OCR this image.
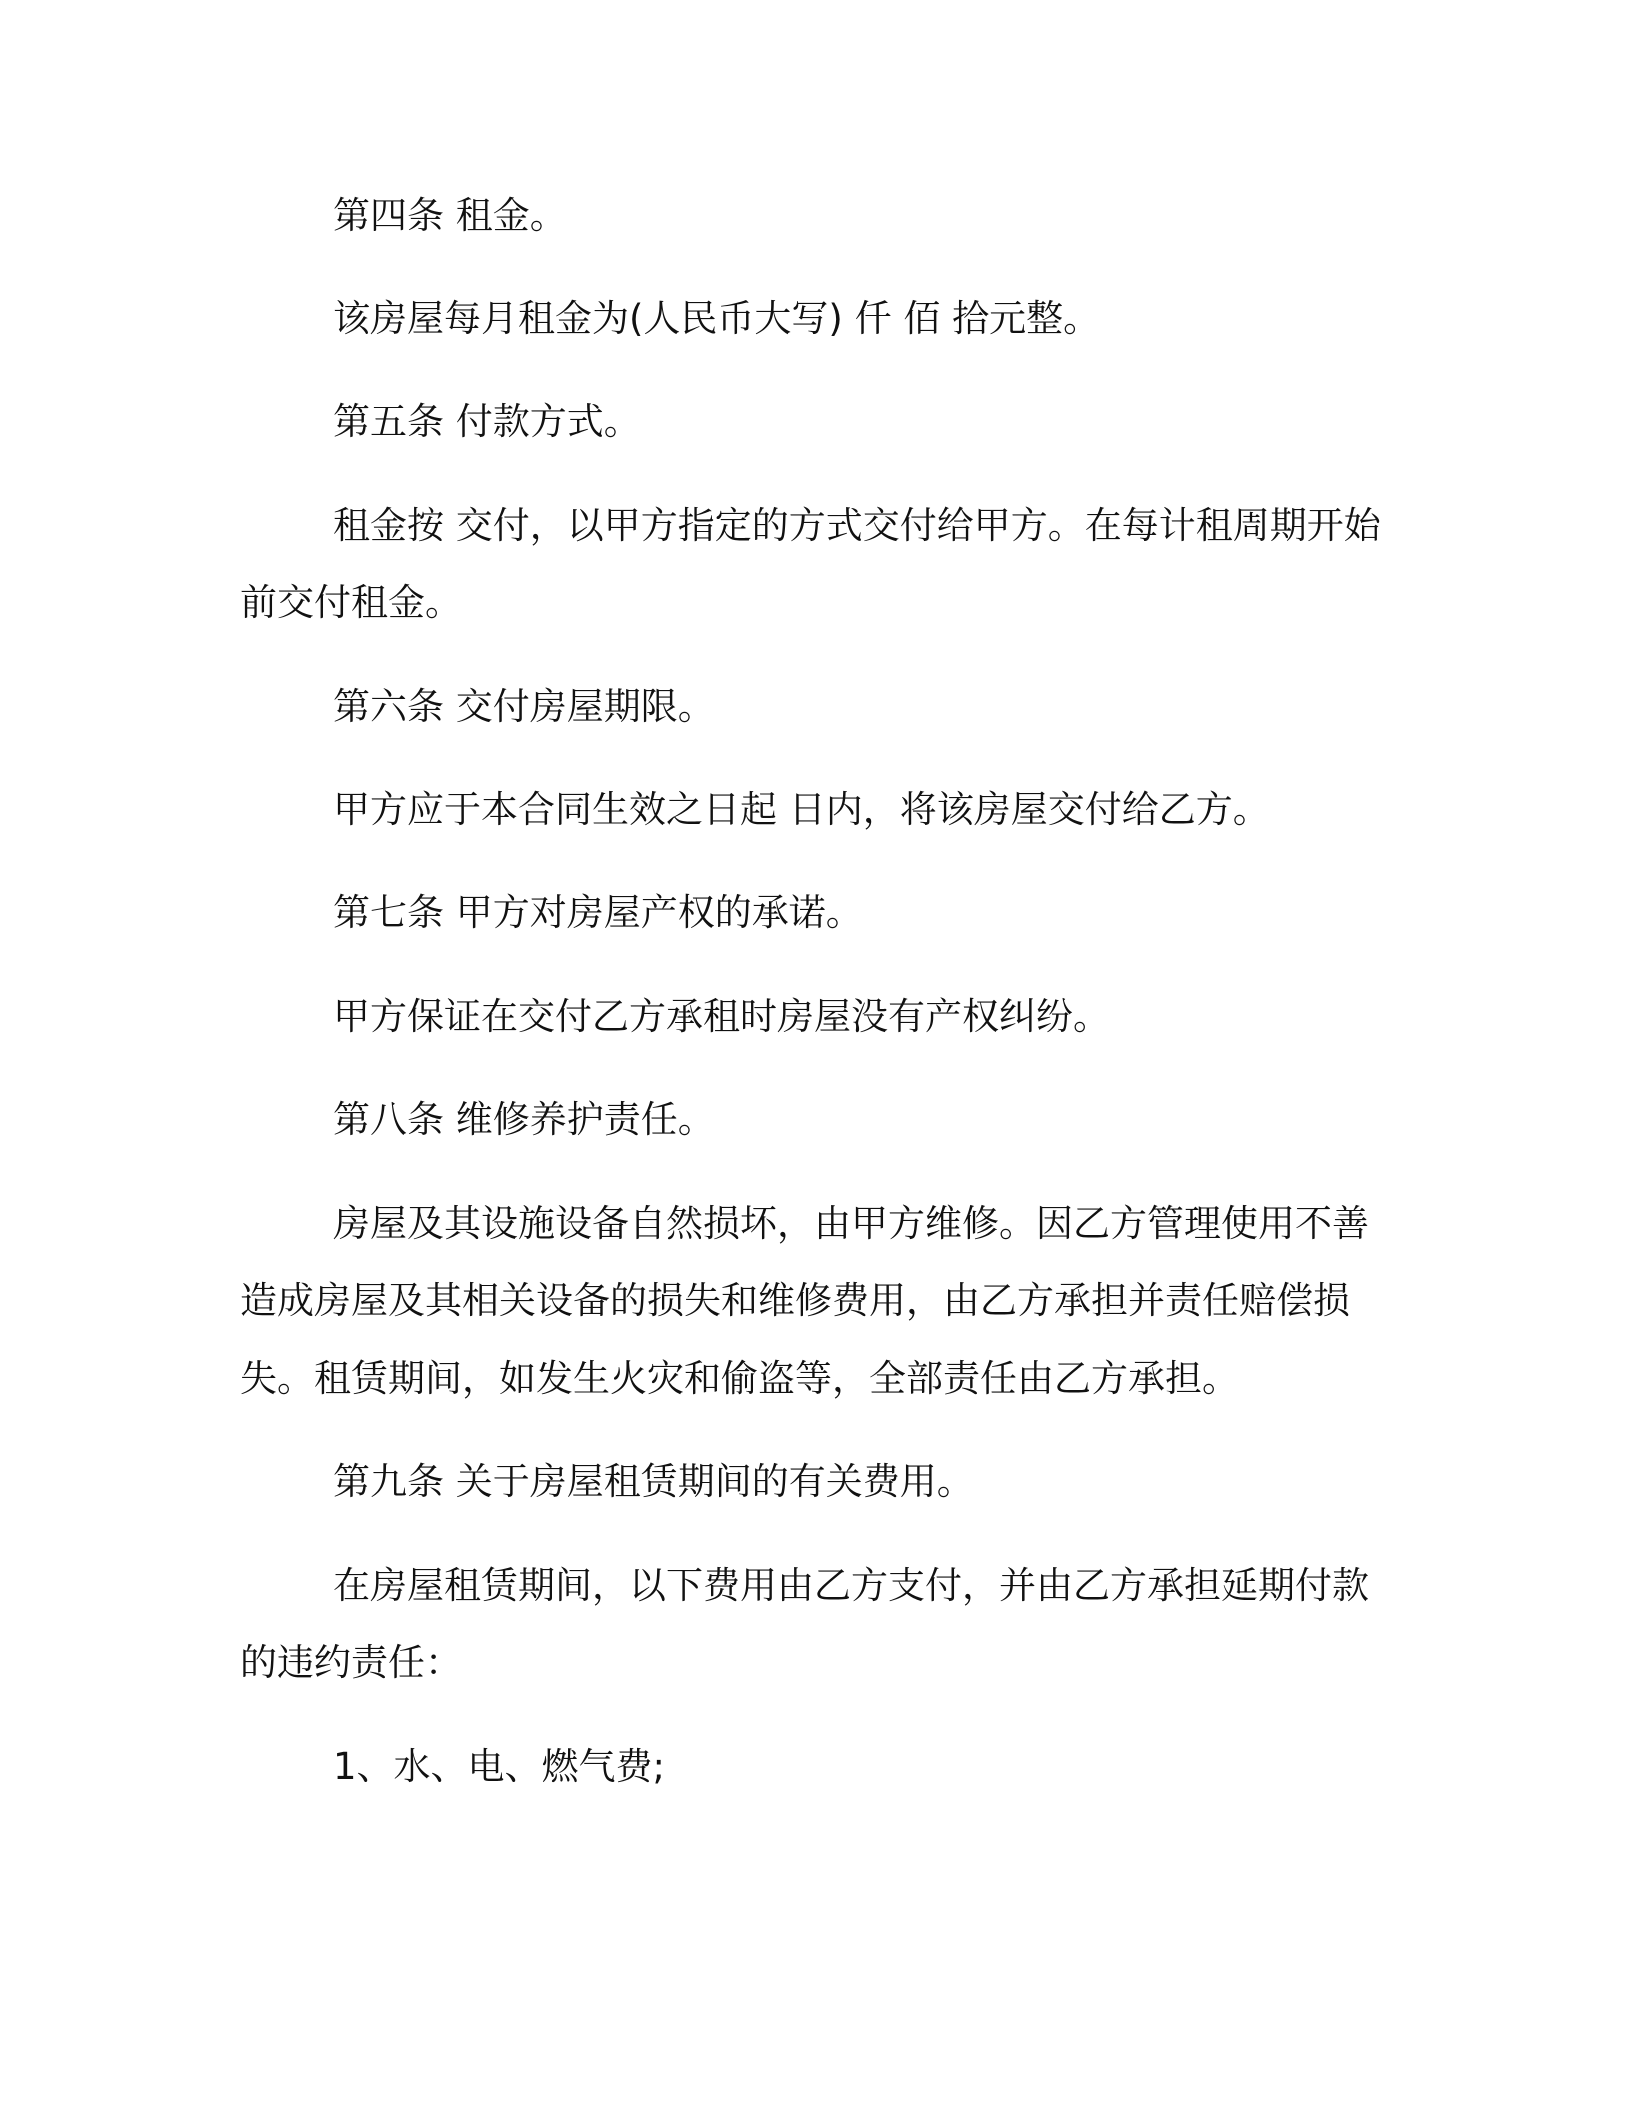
第四条 租金。
该房屋每月租金为(人民币大写) 仟 佰 拾元整。
第五条 付款方式。
租金按 交付，以甲方指定的方式交付给甲方。在每计租周期开始
前交付租金。
第六条 交付房屋期限。
甲方应于本合同生效之日起 日内，将该房屋交付给乙方。
第七条 甲方对房屋产权的承诺。
甲方保证在交付乙方承租时房屋没有产权纠纷。
第八条 维修养护责任。
房屋及其设施设备自然损坏，由甲方维修。因乙方管理使用不善
造成房屋及其相关设备的损失和维修费用，由乙方承担并责任赔偿损
失。租赁期间，如发生火灾和偷盗等，全部责任由乙方承担。
第九条 关于房屋租赁期间的有关费用。
在房屋租赁期间，以下费用由乙方支付，并由乙方承担延期付款
的违约责任：
1、水、电、燃气费;
